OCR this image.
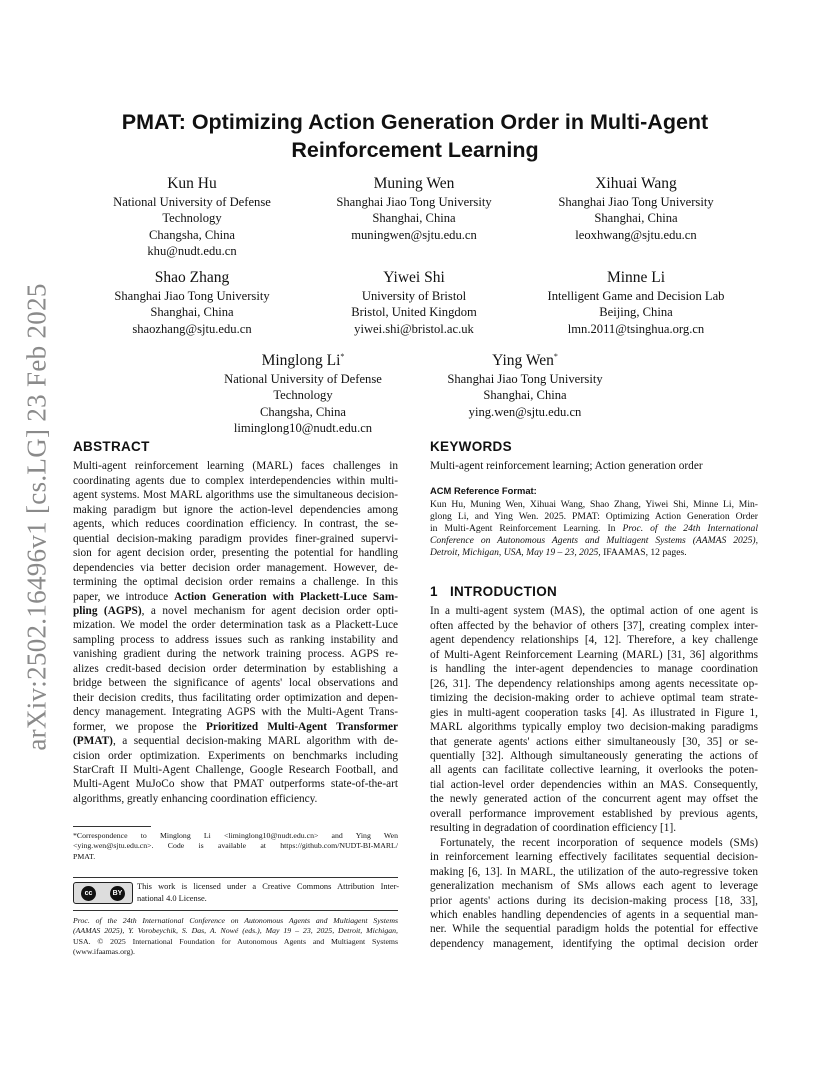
arXiv:2502.16496v1 [cs.LG] 23 Feb 2025
PMAT: Optimizing Action Generation Order in Multi-Agent
Reinforcement Learning
Kun Hu
National University of Defense
Technology
Changsha, China
khu@nudt.edu.cn
Muning Wen
Shanghai Jiao Tong University
Shanghai, China
muningwen@sjtu.edu.cn
Xihuai Wang
Shanghai Jiao Tong University
Shanghai, China
leoxhwang@sjtu.edu.cn
Shao Zhang
Shanghai Jiao Tong University
Shanghai, China
shaozhang@sjtu.edu.cn
Yiwei Shi
University of Bristol
Bristol, United Kingdom
yiwei.shi@bristol.ac.uk
Minne Li
Intelligent Game and Decision Lab
Beijing, China
lmn.2011@tsinghua.org.cn
Minglong Li*
National University of Defense
Technology
Changsha, China
liminglong10@nudt.edu.cn
Ying Wen*
Shanghai Jiao Tong University
Shanghai, China
ying.wen@sjtu.edu.cn
ABSTRACT
Multi-agent reinforcement learning (MARL) faces challenges in
coordinating agents due to complex interdependencies within multi-
agent systems. Most MARL algorithms use the simultaneous decision-
making paradigm but ignore the action-level dependencies among
agents, which reduces coordination efficiency. In contrast, the se-
quential decision-making paradigm provides finer-grained supervi-
sion for agent decision order, presenting the potential for handling
dependencies via better decision order management. However, de-
termining the optimal decision order remains a challenge. In this
paper, we introduce Action Generation with Plackett-Luce Sam-
pling (AGPS), a novel mechanism for agent decision order opti-
mization. We model the order determination task as a Plackett-Luce
sampling process to address issues such as ranking instability and
vanishing gradient during the network training process. AGPS re-
alizes credit-based decision order determination by establishing a
bridge between the significance of agents' local observations and
their decision credits, thus facilitating order optimization and depen-
dency management. Integrating AGPS with the Multi-Agent Trans-
former, we propose the Prioritized Multi-Agent Transformer
(PMAT), a sequential decision-making MARL algorithm with de-
cision order optimization. Experiments on benchmarks including
StarCraft II Multi-Agent Challenge, Google Research Football, and
Multi-Agent MuJoCo show that PMAT outperforms state-of-the-art
algorithms, greatly enhancing coordination efficiency.
*Correspondence to Minglong Li <liminglong10@nudt.edu.cn> and Ying Wen
<ying.wen@sjtu.edu.cn>. Code is available at https://github.com/NUDT-BI-MARL/
PMAT.
cc	BY
This work is licensed under a Creative Commons Attribution Inter-
national 4.0 License.
Proc. of the 24th International Conference on Autonomous Agents and Multiagent Systems
(AAMAS 2025), Y. Vorobeychik, S. Das, A. Nowé (eds.), May 19 – 23, 2025, Detroit, Michigan,
USA. © 2025 International Foundation for Autonomous Agents and Multiagent Systems
(www.ifaamas.org).
KEYWORDS
Multi-agent reinforcement learning; Action generation order
ACM Reference Format:
Kun Hu, Muning Wen, Xihuai Wang, Shao Zhang, Yiwei Shi, Minne Li, Min-
glong Li, and Ying Wen. 2025. PMAT: Optimizing Action Generation Order
in Multi-Agent Reinforcement Learning. In Proc. of the 24th International
Conference on Autonomous Agents and Multiagent Systems (AAMAS 2025),
Detroit, Michigan, USA, May 19 – 23, 2025, IFAAMAS, 12 pages.
1   INTRODUCTION
In a multi-agent system (MAS), the optimal action of one agent is
often affected by the behavior of others [37], creating complex inter-
agent dependency relationships [4, 12]. Therefore, a key challenge
of Multi-Agent Reinforcement Learning (MARL) [31, 36] algorithms
is handling the inter-agent dependencies to manage coordination
[26, 31]. The dependency relationships among agents necessitate op-
timizing the decision-making order to achieve optimal team strate-
gies in multi-agent cooperation tasks [4]. As illustrated in Figure 1,
MARL algorithms typically employ two decision-making paradigms
that generate agents' actions either simultaneously [30, 35] or se-
quentially [32]. Although simultaneously generating the actions of
all agents can facilitate collective learning, it overlooks the poten-
tial action-level order dependencies within an MAS. Consequently,
the newly generated action of the concurrent agent may offset the
overall performance improvement established by previous agents,
resulting in degradation of coordination efficiency [1].
Fortunately, the recent incorporation of sequence models (SMs)
in reinforcement learning effectively facilitates sequential decision-
making [6, 13]. In MARL, the utilization of the auto-regressive token
generalization mechanism of SMs allows each agent to leverage
prior agents' actions during its decision-making process [18, 33],
which enables handling dependencies of agents in a sequential man-
ner. While the sequential paradigm holds the potential for effective
dependency management, identifying the optimal decision order
